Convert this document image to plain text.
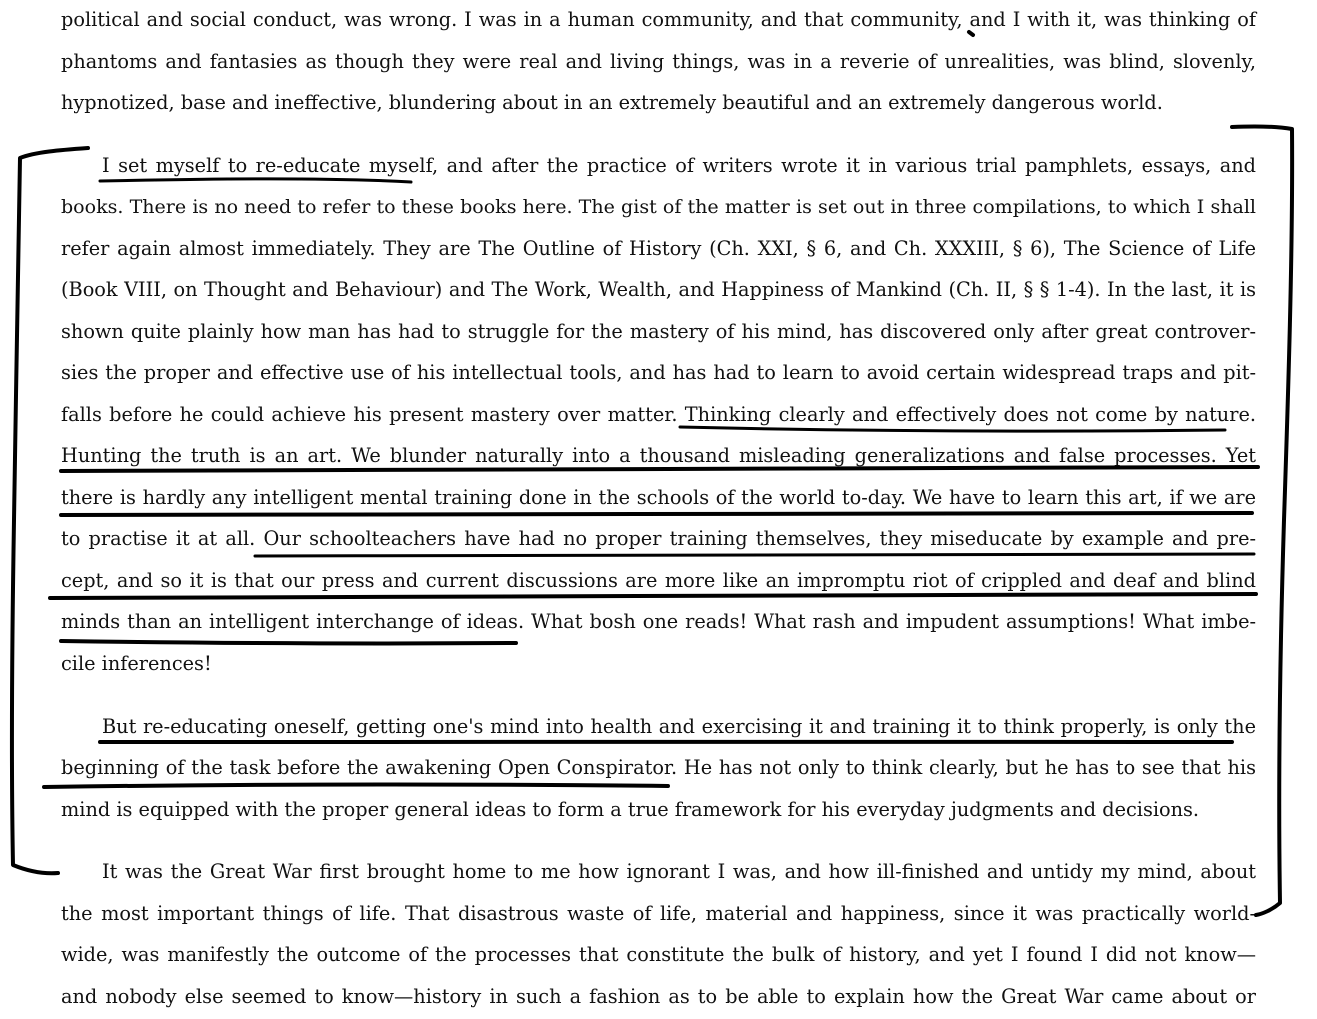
political and social conduct, was wrong. I was in a human community, and that community, and I with it, was thinking of
phantoms and fantasies as though they were real and living things, was in a reverie of unrealities, was blind, slovenly,
hypnotized, base and ineffective, blundering about in an extremely beautiful and an extremely dangerous world.
I set myself to re-educate myself, and after the practice of writers wrote it in various trial pamphlets, essays, and
books. There is no need to refer to these books here. The gist of the matter is set out in three compilations, to which I shall
refer again almost immediately. They are The Outline of History (Ch. XXI, § 6, and Ch. XXXIII, § 6), The Science of Life
(Book VIII, on Thought and Behaviour) and The Work, Wealth, and Happiness of Mankind (Ch. II, § § 1-4). In the last, it is
shown quite plainly how man has had to struggle for the mastery of his mind, has discovered only after great controver-
sies the proper and effective use of his intellectual tools, and has had to learn to avoid certain widespread traps and pit-
falls before he could achieve his present mastery over matter. Thinking clearly and effectively does not come by nature.
Hunting the truth is an art. We blunder naturally into a thousand misleading generalizations and false processes. Yet
there is hardly any intelligent mental training done in the schools of the world to-day. We have to learn this art, if we are
to practise it at all. Our schoolteachers have had no proper training themselves, they miseducate by example and pre-
cept, and so it is that our press and current discussions are more like an impromptu riot of crippled and deaf and blind
minds than an intelligent interchange of ideas. What bosh one reads! What rash and impudent assumptions! What imbe-
cile inferences!
But re-educating oneself, getting one's mind into health and exercising it and training it to think properly, is only the
beginning of the task before the awakening Open Conspirator. He has not only to think clearly, but he has to see that his
mind is equipped with the proper general ideas to form a true framework for his everyday judgments and decisions.
It was the Great War first brought home to me how ignorant I was, and how ill-finished and untidy my mind, about
the most important things of life. That disastrous waste of life, material and happiness, since it was practically world-
wide, was manifestly the outcome of the processes that constitute the bulk of history, and yet I found I did not know—
and nobody else seemed to know—history in such a fashion as to be able to explain how the Great War came about or
